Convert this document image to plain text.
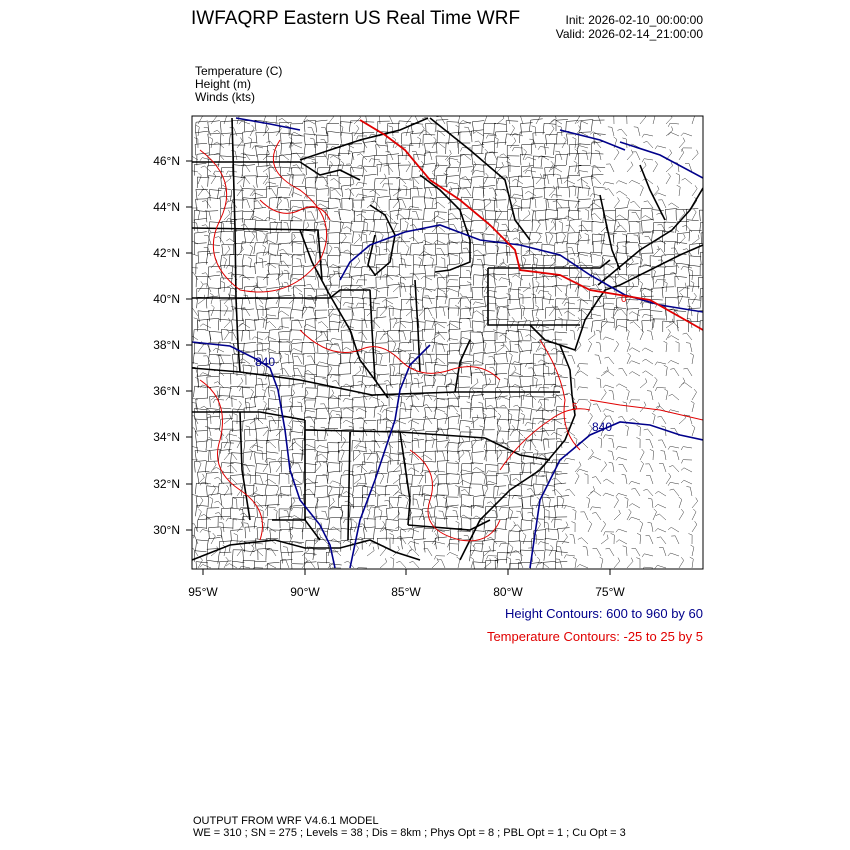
IWFAQRP Eastern US Real Time WRF	Init: 2026-02-10_00:00:00
Valid: 2026-02-14_21:00:00
Temperature (C)
Height (m)
Winds (kts)
840
840
0
5
46°N
44°N
42°N
40°N
38°N
36°N
34°N
32°N
30°N
95°W	90°W	85°W	80°W	75°W
Height Contours: 600 to 960 by 60
Temperature Contours: -25 to 25 by 5
OUTPUT FROM WRF V4.6.1 MODEL
WE = 310 ; SN = 275 ; Levels = 38 ; Dis = 8km ; Phys Opt = 8 ; PBL Opt = 1 ; Cu Opt = 3
